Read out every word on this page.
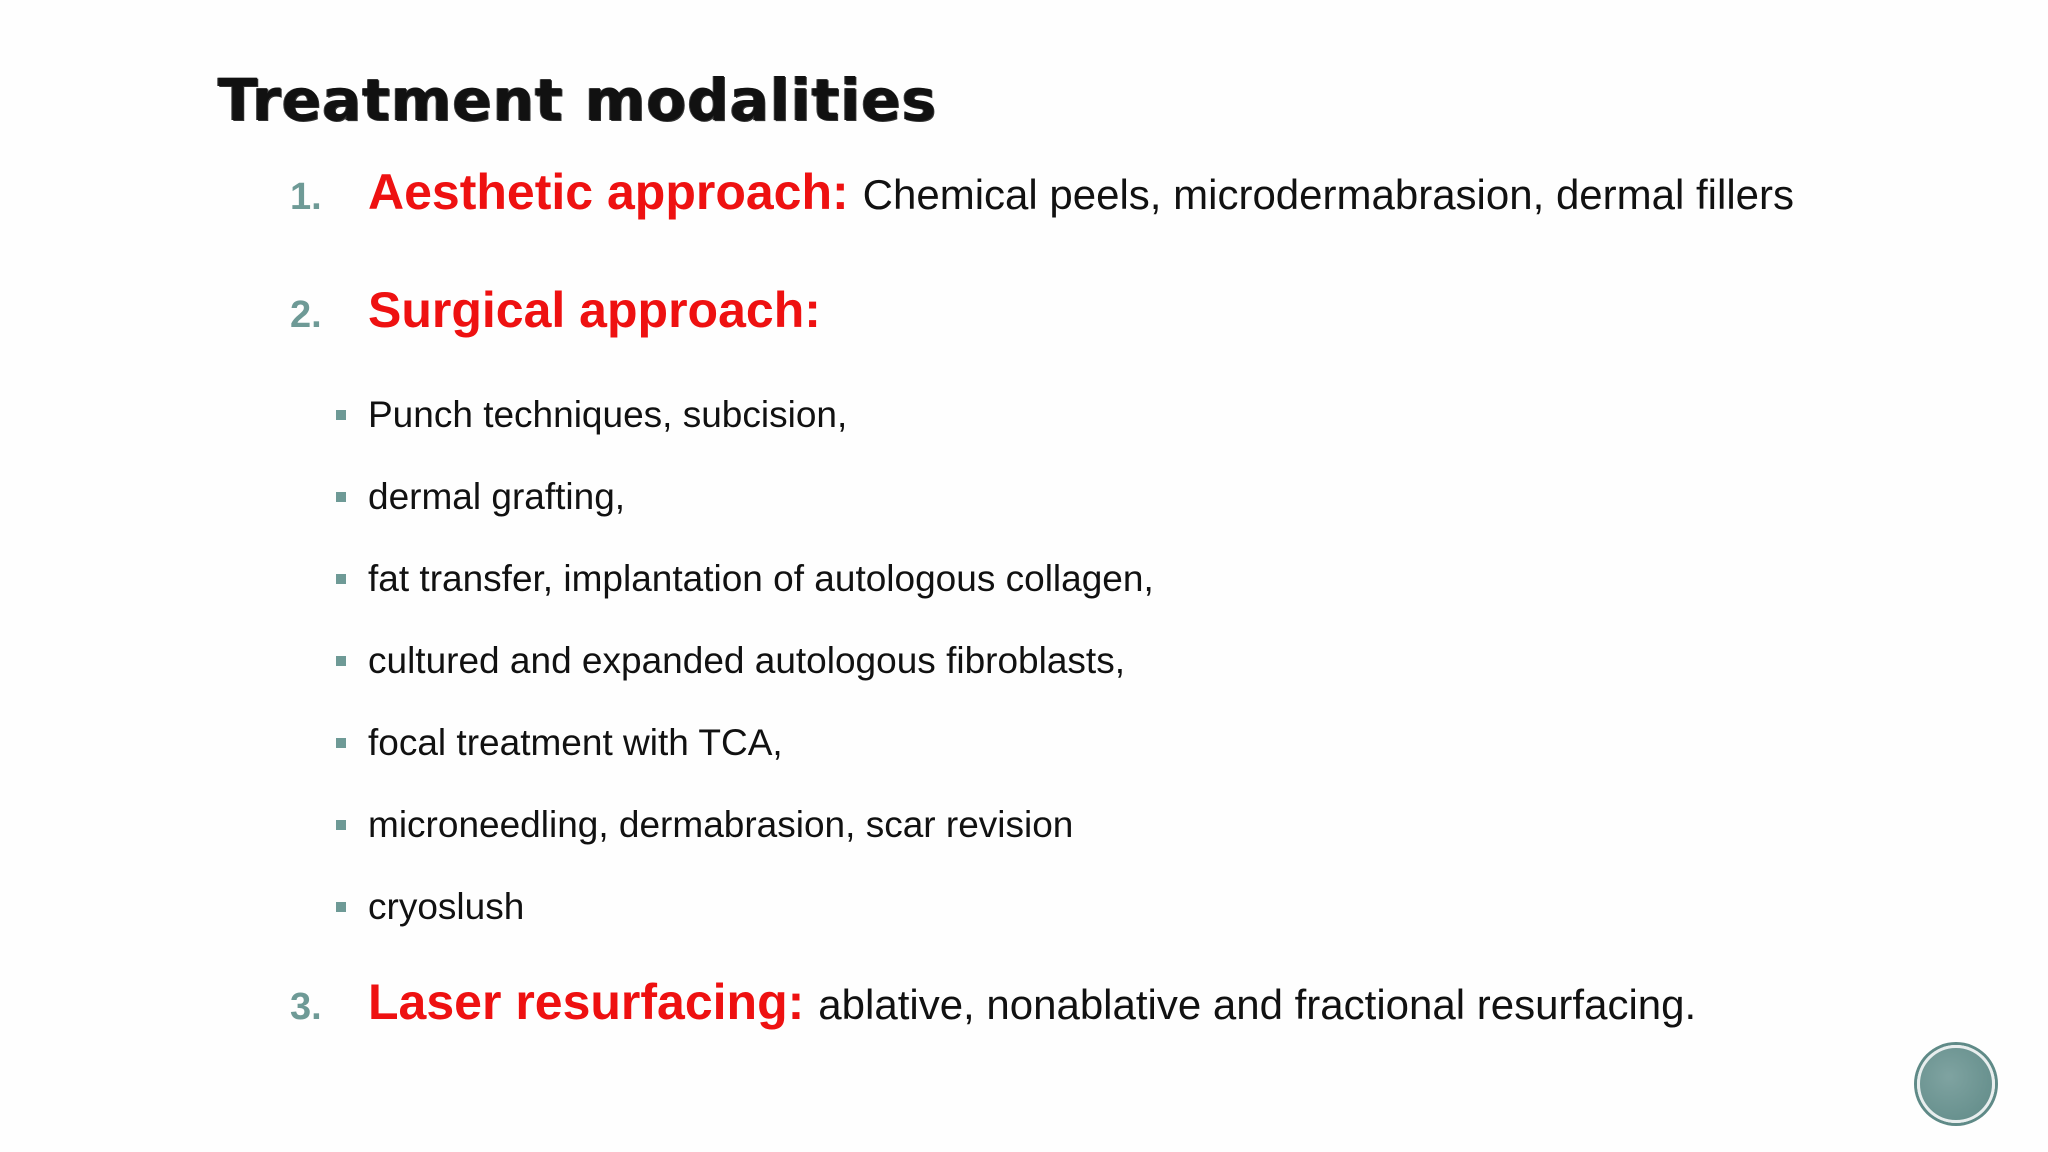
Treatment modalities
1. Aesthetic approach: Chemical peels, microdermabrasion, dermal fillers
2. Surgical approach:
Punch techniques, subcision,
dermal grafting,
fat transfer, implantation of autologous collagen,
cultured and expanded autologous fibroblasts,
focal treatment with TCA,
microneedling, dermabrasion, scar revision
cryoslush
3. Laser resurfacing: ablative, nonablative and fractional resurfacing.
